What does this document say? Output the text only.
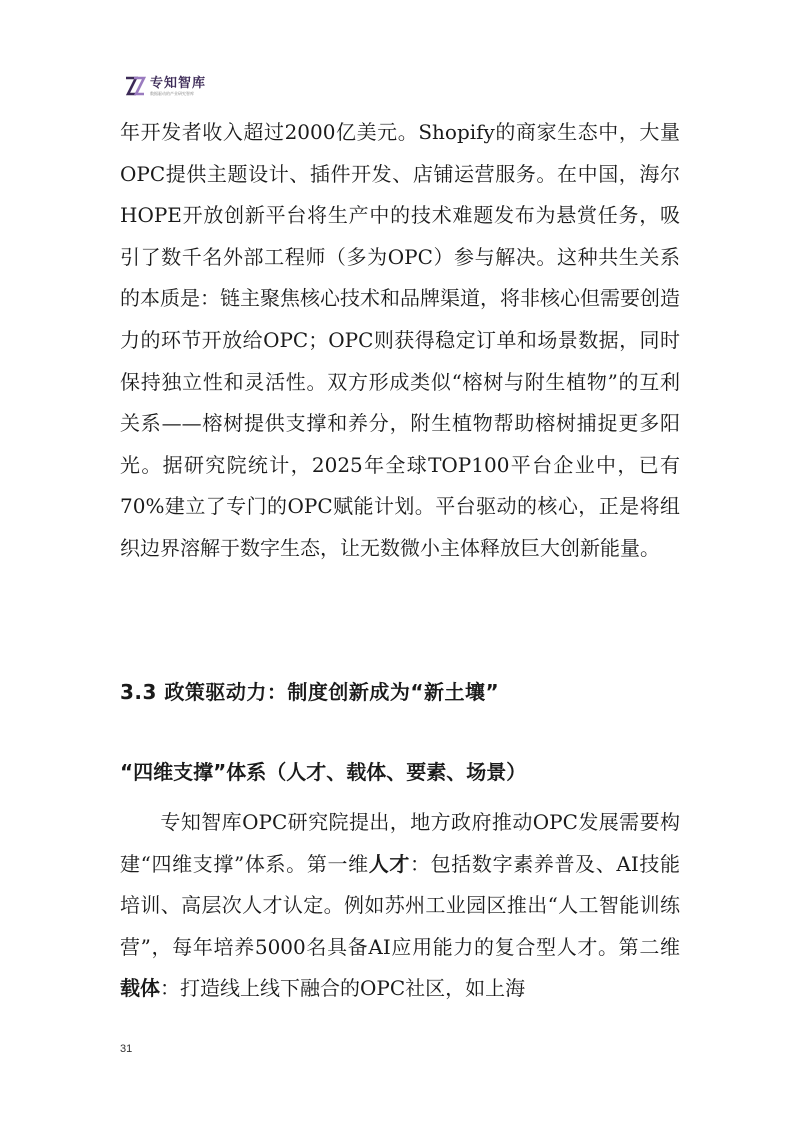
专知智库
数据驱动的产业研究智库

年开发者收入超过2000亿美元。Shopify的商家生态中，大量OPC提供主题设计、插件开发、店铺运营服务。在中国，海尔HOPE开放创新平台将生产中的技术难题发布为悬赏任务，吸引了数千名外部工程师（多为OPC）参与解决。这种共生关系的本质是：链主聚焦核心技术和品牌渠道，将非核心但需要创造力的环节开放给OPC；OPC则获得稳定订单和场景数据，同时保持独立性和灵活性。双方形成类似“榕树与附生植物”的互利关系——榕树提供支撑和养分，附生植物帮助榕树捕捉更多阳光。据研究院统计，2025年全球TOP100平台企业中，已有70%建立了专门的OPC赋能计划。平台驱动的核心，正是将组织边界溶解于数字生态，让无数微小主体释放巨大创新能量。

3.3 政策驱动力：制度创新成为“新土壤”
“四维支撑”体系（人才、载体、要素、场景）

专知智库OPC研究院提出，地方政府推动OPC发展需要构建“四维支撑”体系。第一维人才：包括数字素养普及、AI技能培训、高层次人才认定。例如苏州工业园区推出“人工智能训练营”，每年培养5000名具备AI应用能力的复合型人才。第二维载体：打造线上线下融合的OPC社区，如上海

31
